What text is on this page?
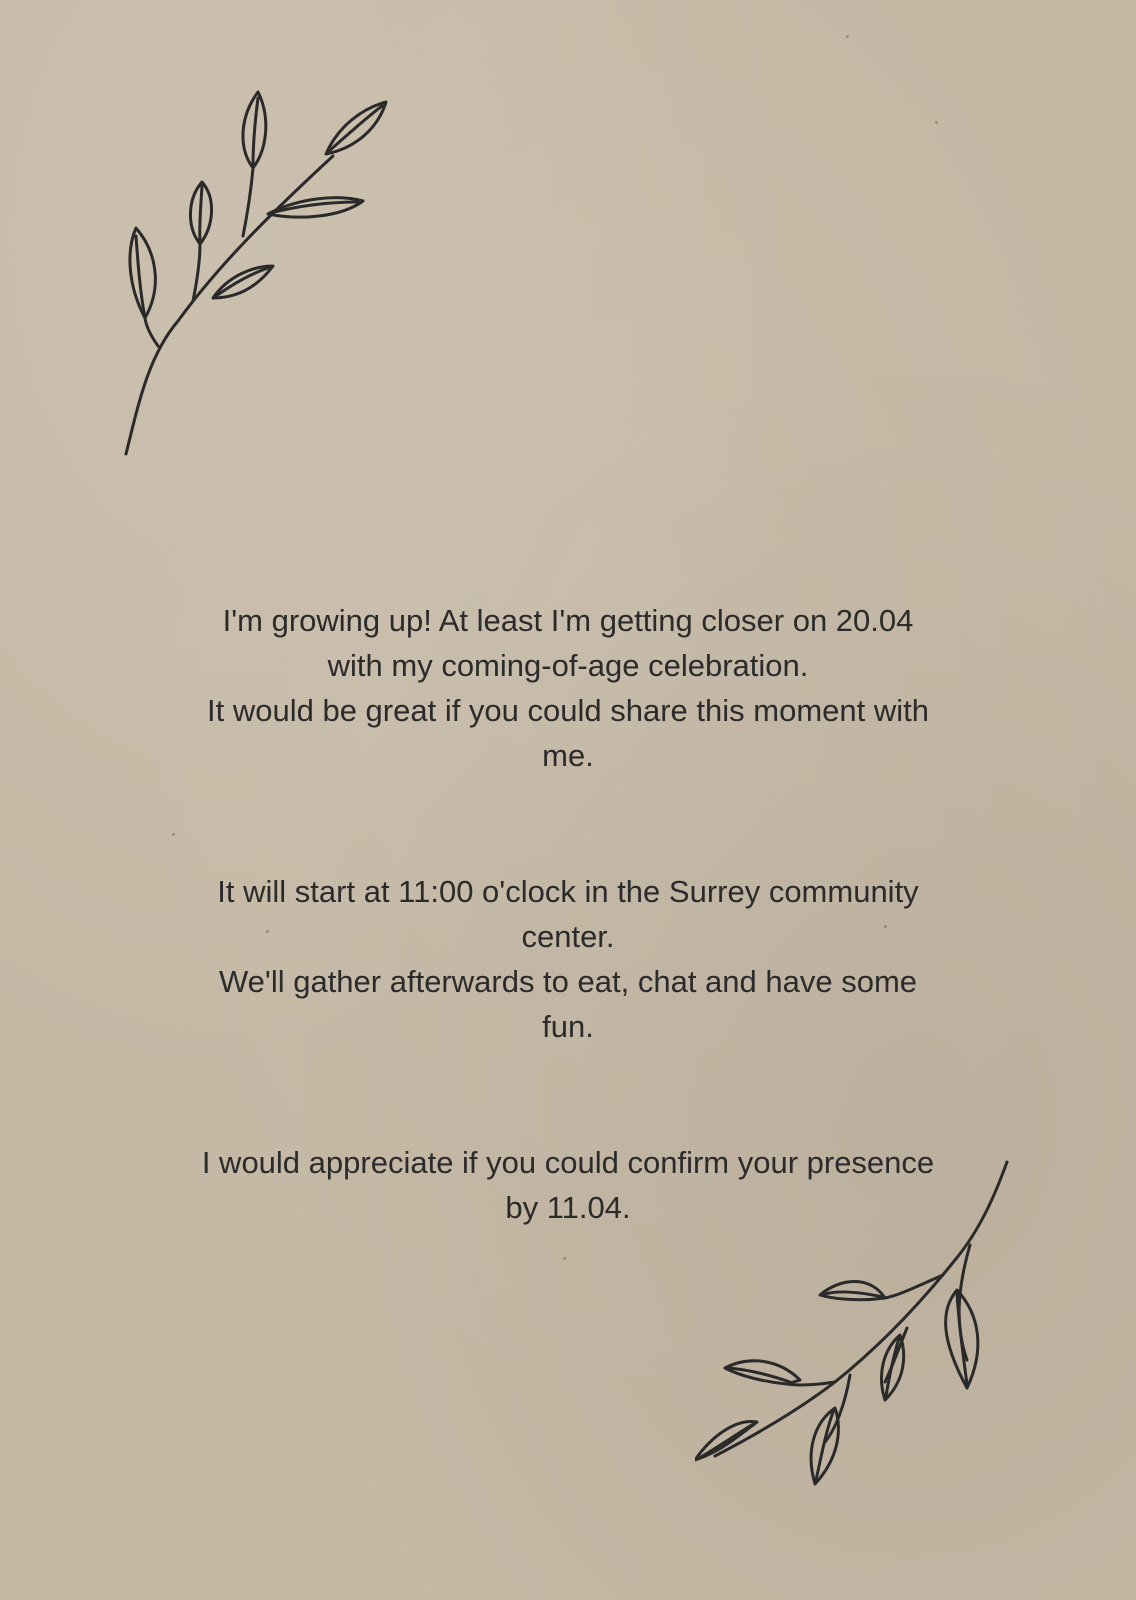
I'm growing up! At least I'm getting closer on 20.04

with my coming-of-age celebration.

It would be great if you could share this moment with

me.

It will start at 11:00 o'clock in the Surrey community

center.

We'll gather afterwards to eat, chat and have some

fun.

I would appreciate if you could confirm your presence

by 11.04.
